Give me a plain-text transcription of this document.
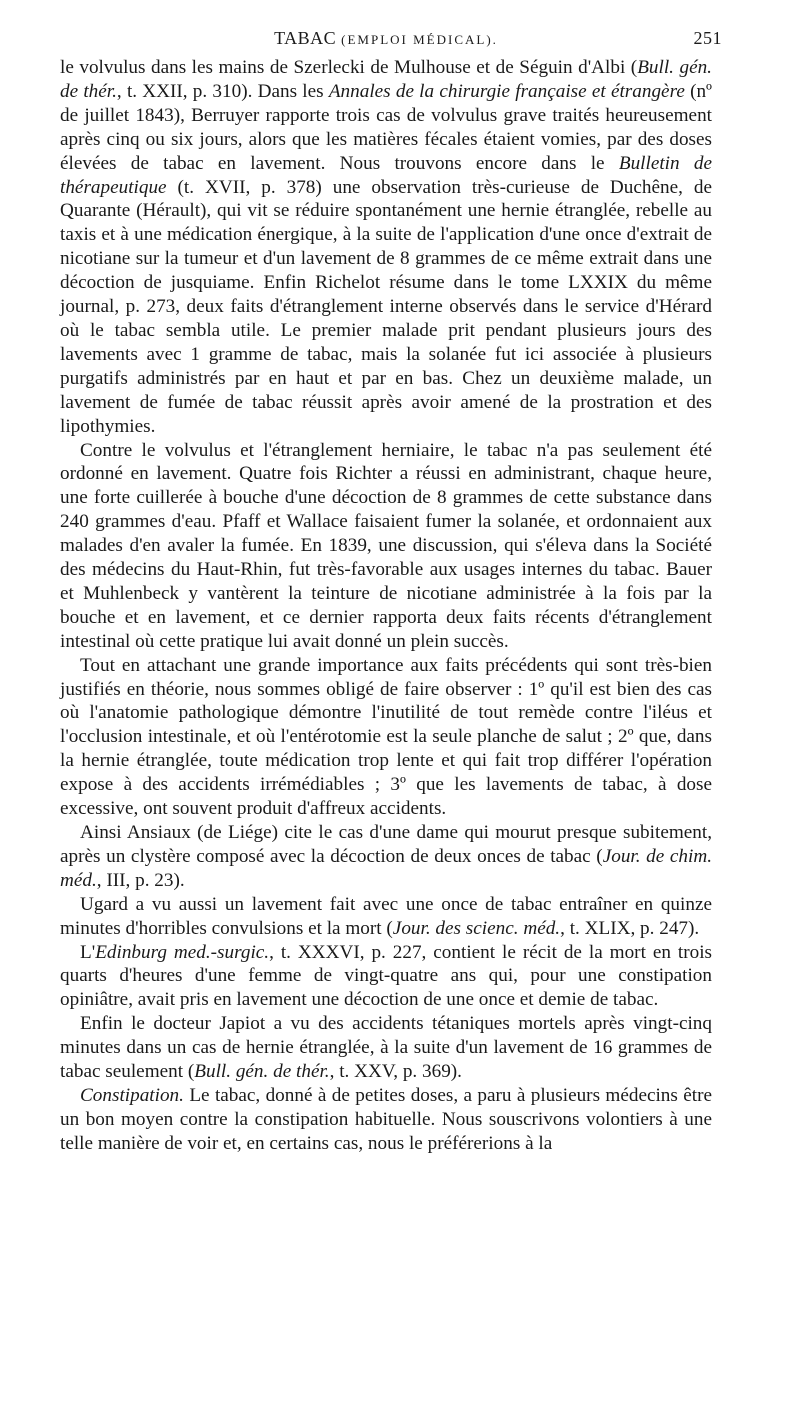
TABAC (EMPLOI MÉDICAL).	251

le volvulus dans les mains de Szerlecki de Mulhouse et de Séguin d'Albi (Bull. gén. de thér., t. XXII, p. 310). Dans les Annales de la chirurgie française et étrangère (nº de juillet 1843), Berruyer rapporte trois cas de volvulus grave traités heureusement après cinq ou six jours, alors que les matières fécales étaient vomies, par des doses élevées de tabac en lavement. Nous trouvons encore dans le Bulletin de thérapeutique (t. XVII, p. 378) une observation très-curieuse de Duchêne, de Quarante (Hérault), qui vit se réduire spontanément une hernie étranglée, rebelle au taxis et à une médication énergique, à la suite de l'application d'une once d'extrait de nicotiane sur la tumeur et d'un lavement de 8 grammes de ce même extrait dans une décoction de jusquiame. Enfin Richelot résume dans le tome LXXIX du même journal, p. 273, deux faits d'étranglement interne observés dans le service d'Hérard où le tabac sembla utile. Le premier malade prit pendant plusieurs jours des lavements avec 1 gramme de tabac, mais la solanée fut ici associée à plusieurs purgatifs administrés par en haut et par en bas. Chez un deuxième malade, un lavement de fumée de tabac réussit après avoir amené de la prostration et des lipothymies.

Contre le volvulus et l'étranglement herniaire, le tabac n'a pas seulement été ordonné en lavement. Quatre fois Richter a réussi en administrant, chaque heure, une forte cuillerée à bouche d'une décoction de 8 grammes de cette substance dans 240 grammes d'eau. Pfaff et Wallace faisaient fumer la solanée, et ordonnaient aux malades d'en avaler la fumée. En 1839, une discussion, qui s'éleva dans la Société des médecins du Haut-Rhin, fut très-favorable aux usages internes du tabac. Bauer et Muhlenbeck y vantèrent la teinture de nicotiane administrée à la fois par la bouche et en lavement, et ce dernier rapporta deux faits récents d'étranglement intestinal où cette pratique lui avait donné un plein succès.

Tout en attachant une grande importance aux faits précédents qui sont très-bien justifiés en théorie, nous sommes obligé de faire observer : 1º qu'il est bien des cas où l'anatomie pathologique démontre l'inutilité de tout remède contre l'iléus et l'occlusion intestinale, et où l'entérotomie est la seule planche de salut ; 2º que, dans la hernie étranglée, toute médication trop lente et qui fait trop différer l'opération expose à des accidents irrémédiables ; 3º que les lavements de tabac, à dose excessive, ont souvent produit d'affreux accidents.

Ainsi Ansiaux (de Liége) cite le cas d'une dame qui mourut presque subitement, après un clystère composé avec la décoction de deux onces de tabac (Jour. de chim. méd., III, p. 23).

Ugard a vu aussi un lavement fait avec une once de tabac entraîner en quinze minutes d'horribles convulsions et la mort (Jour. des scienc. méd., t. XLIX, p. 247).

L'Edinburg med.-surgic., t. XXXVI, p. 227, contient le récit de la mort en trois quarts d'heures d'une femme de vingt-quatre ans qui, pour une constipation opiniâtre, avait pris en lavement une décoction de une once et demie de tabac.

Enfin le docteur Japiot a vu des accidents tétaniques mortels après vingt-cinq minutes dans un cas de hernie étranglée, à la suite d'un lavement de 16 grammes de tabac seulement (Bull. gén. de thér., t. XXV, p. 369).

Constipation. Le tabac, donné à de petites doses, a paru à plusieurs médecins être un bon moyen contre la constipation habituelle. Nous souscrivons volontiers à une telle manière de voir et, en certains cas, nous le préférerions à la
